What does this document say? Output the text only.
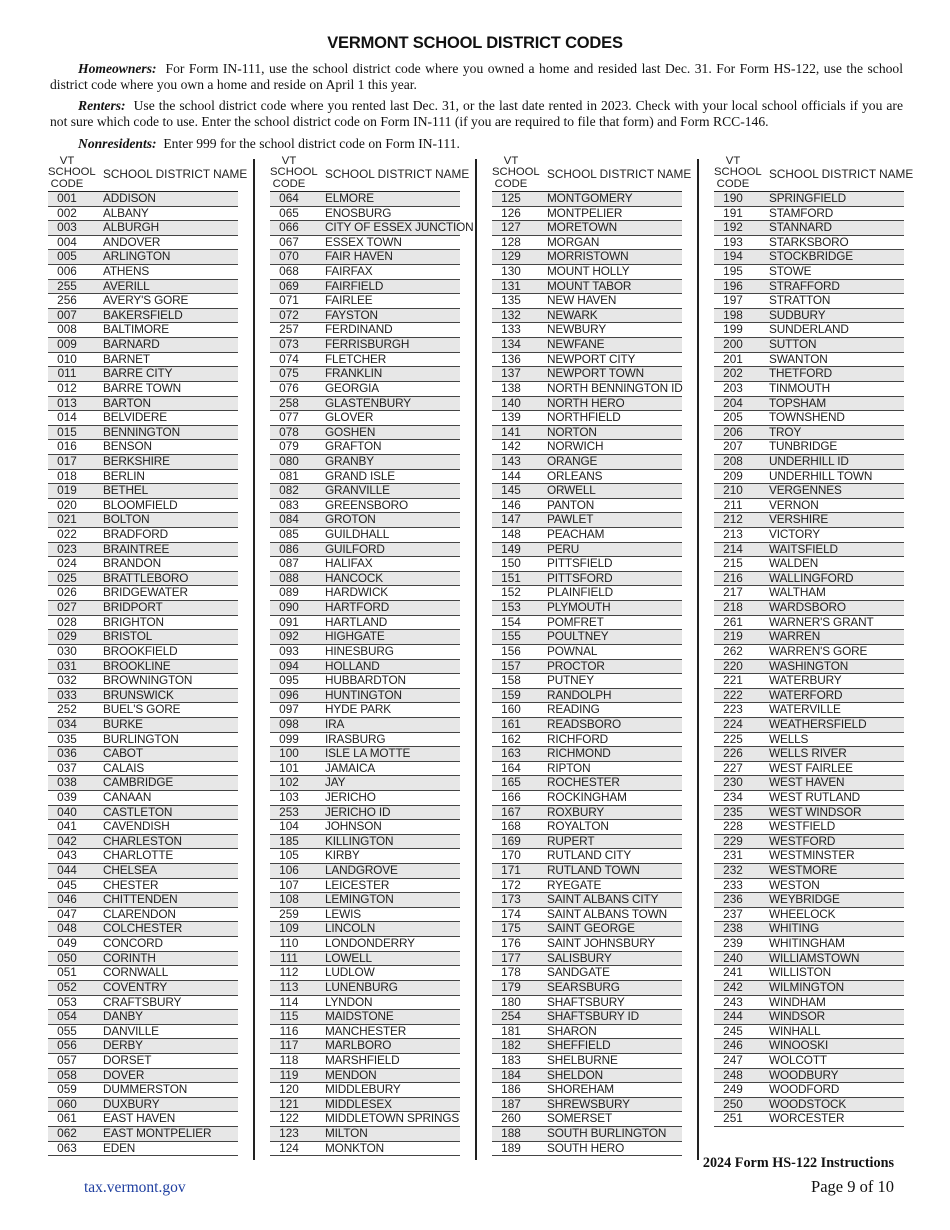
VERMONT SCHOOL DISTRICT CODES
Homeowners: For Form IN-111, use the school district code where you owned a home and resided last Dec. 31. For Form HS-122, use the school district code where you own a home and reside on April 1 this year.
Renters: Use the school district code where you rented last Dec. 31, or the last date rented in 2023. Check with your local school officials if you are not sure which code to use. Enter the school district code on Form IN-111 (if you are required to file that form) and Form RCC-146.
Nonresidents: Enter 999 for the school district code on Form IN-111.
VT
SCHOOL
CODE
SCHOOL DISTRICT NAME
001	ADDISON
002	ALBANY
003	ALBURGH
004	ANDOVER
005	ARLINGTON
006	ATHENS
255	AVERILL
256	AVERY'S GORE
007	BAKERSFIELD
008	BALTIMORE
009	BARNARD
010	BARNET
011	BARRE CITY
012	BARRE TOWN
013	BARTON
014	BELVIDERE
015	BENNINGTON
016	BENSON
017	BERKSHIRE
018	BERLIN
019	BETHEL
020	BLOOMFIELD
021	BOLTON
022	BRADFORD
023	BRAINTREE
024	BRANDON
025	BRATTLEBORO
026	BRIDGEWATER
027	BRIDPORT
028	BRIGHTON
029	BRISTOL
030	BROOKFIELD
031	BROOKLINE
032	BROWNINGTON
033	BRUNSWICK
252	BUEL'S GORE
034	BURKE
035	BURLINGTON
036	CABOT
037	CALAIS
038	CAMBRIDGE
039	CANAAN
040	CASTLETON
041	CAVENDISH
042	CHARLESTON
043	CHARLOTTE
044	CHELSEA
045	CHESTER
046	CHITTENDEN
047	CLARENDON
048	COLCHESTER
049	CONCORD
050	CORINTH
051	CORNWALL
052	COVENTRY
053	CRAFTSBURY
054	DANBY
055	DANVILLE
056	DERBY
057	DORSET
058	DOVER
059	DUMMERSTON
060	DUXBURY
061	EAST HAVEN
062	EAST MONTPELIER
063	EDEN
VT
SCHOOL
CODE
SCHOOL DISTRICT NAME
064	ELMORE
065	ENOSBURG
066	CITY OF ESSEX JUNCTION
067	ESSEX TOWN
070	FAIR HAVEN
068	FAIRFAX
069	FAIRFIELD
071	FAIRLEE
072	FAYSTON
257	FERDINAND
073	FERRISBURGH
074	FLETCHER
075	FRANKLIN
076	GEORGIA
258	GLASTENBURY
077	GLOVER
078	GOSHEN
079	GRAFTON
080	GRANBY
081	GRAND ISLE
082	GRANVILLE
083	GREENSBORO
084	GROTON
085	GUILDHALL
086	GUILFORD
087	HALIFAX
088	HANCOCK
089	HARDWICK
090	HARTFORD
091	HARTLAND
092	HIGHGATE
093	HINESBURG
094	HOLLAND
095	HUBBARDTON
096	HUNTINGTON
097	HYDE PARK
098	IRA
099	IRASBURG
100	ISLE LA MOTTE
101	JAMAICA
102	JAY
103	JERICHO
253	JERICHO ID
104	JOHNSON
185	KILLINGTON
105	KIRBY
106	LANDGROVE
107	LEICESTER
108	LEMINGTON
259	LEWIS
109	LINCOLN
110	LONDONDERRY
111	LOWELL
112	LUDLOW
113	LUNENBURG
114	LYNDON
115	MAIDSTONE
116	MANCHESTER
117	MARLBORO
118	MARSHFIELD
119	MENDON
120	MIDDLEBURY
121	MIDDLESEX
122	MIDDLETOWN SPRINGS
123	MILTON
124	MONKTON
VT
SCHOOL
CODE
SCHOOL DISTRICT NAME
125	MONTGOMERY
126	MONTPELIER
127	MORETOWN
128	MORGAN
129	MORRISTOWN
130	MOUNT HOLLY
131	MOUNT TABOR
135	NEW HAVEN
132	NEWARK
133	NEWBURY
134	NEWFANE
136	NEWPORT CITY
137	NEWPORT TOWN
138	NORTH BENNINGTON ID
140	NORTH HERO
139	NORTHFIELD
141	NORTON
142	NORWICH
143	ORANGE
144	ORLEANS
145	ORWELL
146	PANTON
147	PAWLET
148	PEACHAM
149	PERU
150	PITTSFIELD
151	PITTSFORD
152	PLAINFIELD
153	PLYMOUTH
154	POMFRET
155	POULTNEY
156	POWNAL
157	PROCTOR
158	PUTNEY
159	RANDOLPH
160	READING
161	READSBORO
162	RICHFORD
163	RICHMOND
164	RIPTON
165	ROCHESTER
166	ROCKINGHAM
167	ROXBURY
168	ROYALTON
169	RUPERT
170	RUTLAND CITY
171	RUTLAND TOWN
172	RYEGATE
173	SAINT ALBANS CITY
174	SAINT ALBANS TOWN
175	SAINT GEORGE
176	SAINT JOHNSBURY
177	SALISBURY
178	SANDGATE
179	SEARSBURG
180	SHAFTSBURY
254	SHAFTSBURY ID
181	SHARON
182	SHEFFIELD
183	SHELBURNE
184	SHELDON
186	SHOREHAM
187	SHREWSBURY
260	SOMERSET
188	SOUTH BURLINGTON
189	SOUTH HERO
VT
SCHOOL
CODE
SCHOOL DISTRICT NAME
190	SPRINGFIELD
191	STAMFORD
192	STANNARD
193	STARKSBORO
194	STOCKBRIDGE
195	STOWE
196	STRAFFORD
197	STRATTON
198	SUDBURY
199	SUNDERLAND
200	SUTTON
201	SWANTON
202	THETFORD
203	TINMOUTH
204	TOPSHAM
205	TOWNSHEND
206	TROY
207	TUNBRIDGE
208	UNDERHILL ID
209	UNDERHILL TOWN
210	VERGENNES
211	VERNON
212	VERSHIRE
213	VICTORY
214	WAITSFIELD
215	WALDEN
216	WALLINGFORD
217	WALTHAM
218	WARDSBORO
261	WARNER'S GRANT
219	WARREN
262	WARREN'S GORE
220	WASHINGTON
221	WATERBURY
222	WATERFORD
223	WATERVILLE
224	WEATHERSFIELD
225	WELLS
226	WELLS RIVER
227	WEST FAIRLEE
230	WEST HAVEN
234	WEST RUTLAND
235	WEST WINDSOR
228	WESTFIELD
229	WESTFORD
231	WESTMINSTER
232	WESTMORE
233	WESTON
236	WEYBRIDGE
237	WHEELOCK
238	WHITING
239	WHITINGHAM
240	WILLIAMSTOWN
241	WILLISTON
242	WILMINGTON
243	WINDHAM
244	WINDSOR
245	WINHALL
246	WINOOSKI
247	WOLCOTT
248	WOODBURY
249	WOODFORD
250	WOODSTOCK
251	WORCESTER
tax.vermont.gov
2024 Form HS-122 Instructions
Page 9 of 10
